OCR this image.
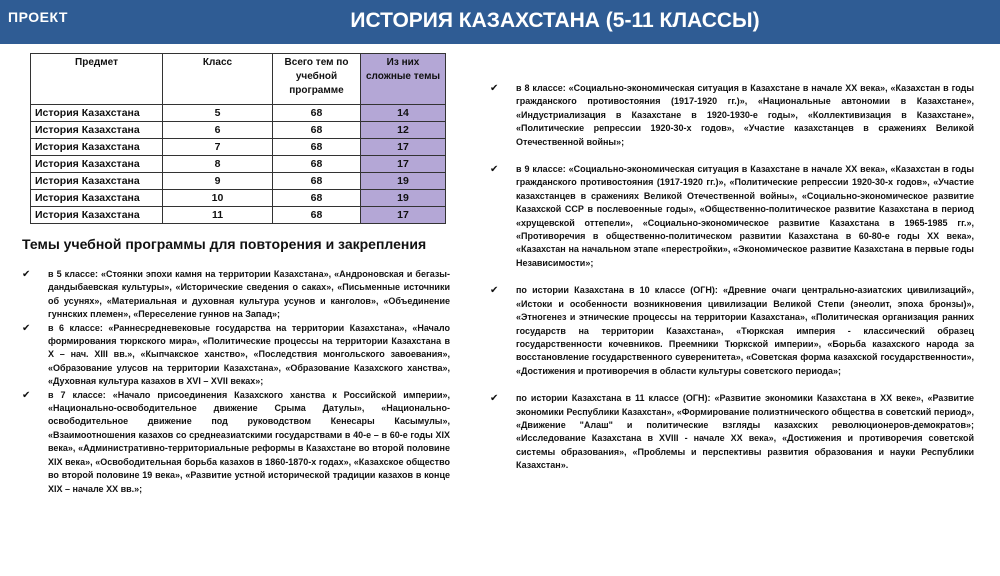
ПРОЕКТ	ИСТОРИЯ КАЗАХСТАНА (5-11 КЛАССЫ)
Предмет	Класс	Всего тем по учебной программе	Из них сложные темы
История Казахстана	5	68	14
История Казахстана	6	68	12
История Казахстана	7	68	17
История Казахстана	8	68	17
История Казахстана	9	68	19
История Казахстана	10	68	19
История Казахстана	11	68	17
Темы учебной программы для повторения и закрепления
✔ в 5 классе: «Стоянки эпохи камня на территории Казахстана», «Андроновская и бегазы-дандыбаевская культуры», «Исторические сведения о саках», «Письменные источники об усунях», «Материальная и духовная культура усунов и канголов», «Объединение гуннских племен», «Переселение гуннов на Запад»;
✔ в 6 классе: «Раннесредневековые государства на территории Казахстана», «Начало формирования тюркского мира», «Политические процессы на территории Казахстана в X – нач. XIII вв.», «Кыпчакское ханство», «Последствия монгольского завоевания», «Образование улусов на территории Казахстана», «Образование Казахского ханства», «Духовная культура казахов в XVI – XVII веках»;
✔ в 7 классе: «Начало присоединения Казахского ханства к Российской империи», «Национально-освободительное движение Срыма Датулы», «Национально-освободительное движение под руководством Кенесары Касымулы», «Взаимоотношения казахов со среднеазиатскими государствами в 40-е – в 60-е годы XIX века», «Административно-территориальные реформы в Казахстане во второй половине XIX века», «Освободительная борьба казахов в 1860-1870-х годах», «Казахское общество во второй половине 19 века», «Развитие устной исторической традиции казахов в конце XIX – начале XX вв.»;
✔ в 8 классе: «Социально-экономическая ситуация в Казахстане в начале XX века», «Казахстан в годы гражданского противостояния (1917-1920 гг.)», «Национальные автономии в Казахстане», «Индустриализация в Казахстане в 1920-1930-е годы», «Коллективизация в Казахстане», «Политические репрессии 1920-30-х годов», «Участие казахстанцев в сражениях Великой Отечественной войны»;
✔ в 9 классе: «Социально-экономическая ситуация в Казахстане в начале XX века», «Казахстан в годы гражданского противостояния (1917-1920 гг.)», «Политические репрессии 1920-30-х годов», «Участие казахстанцев в сражениях Великой Отечественной войны», «Социально-экономическое развитие Казахской ССР в послевоенные годы», «Общественно-политическое развитие Казахстана в период «хрущевской оттепели», «Социально-экономическое развитие Казахстана в 1965-1985 гг.», «Противоречия в общественно-политическом развитии Казахстана в 60-80-е годы XX века», «Казахстан на начальном этапе «перестройки», «Экономическое развитие Казахстана в первые годы Независимости»;
✔ по истории Казахстана в 10 классе (ОГН): «Древние очаги центрально-азиатских цивилизаций», «Истоки и особенности возникновения цивилизации Великой Степи (энеолит, эпоха бронзы)», «Этногенез и этнические процессы на территории Казахстана», «Политическая организация ранних государств на территории Казахстана», «Тюркская империя - классический образец государственности кочевников. Преемники Тюркской империи», «Борьба казахского народа за восстановление государственного суверенитета», «Советская форма казахской государственности», «Достижения и противоречия в области культуры советского периода»;
✔ по истории Казахстана в 11 классе (ОГН): «Развитие экономики Казахстана в XX веке», «Развитие экономики Республики Казахстан», «Формирование полиэтнического общества в советский период», «Движение "Алаш" и политические взгляды казахских революционеров-демократов»; «Исследование Казахстана в XVIII - начале XX века», «Достижения и противоречия советской системы образования», «Проблемы и перспективы развития образования и науки Республики Казахстан».
